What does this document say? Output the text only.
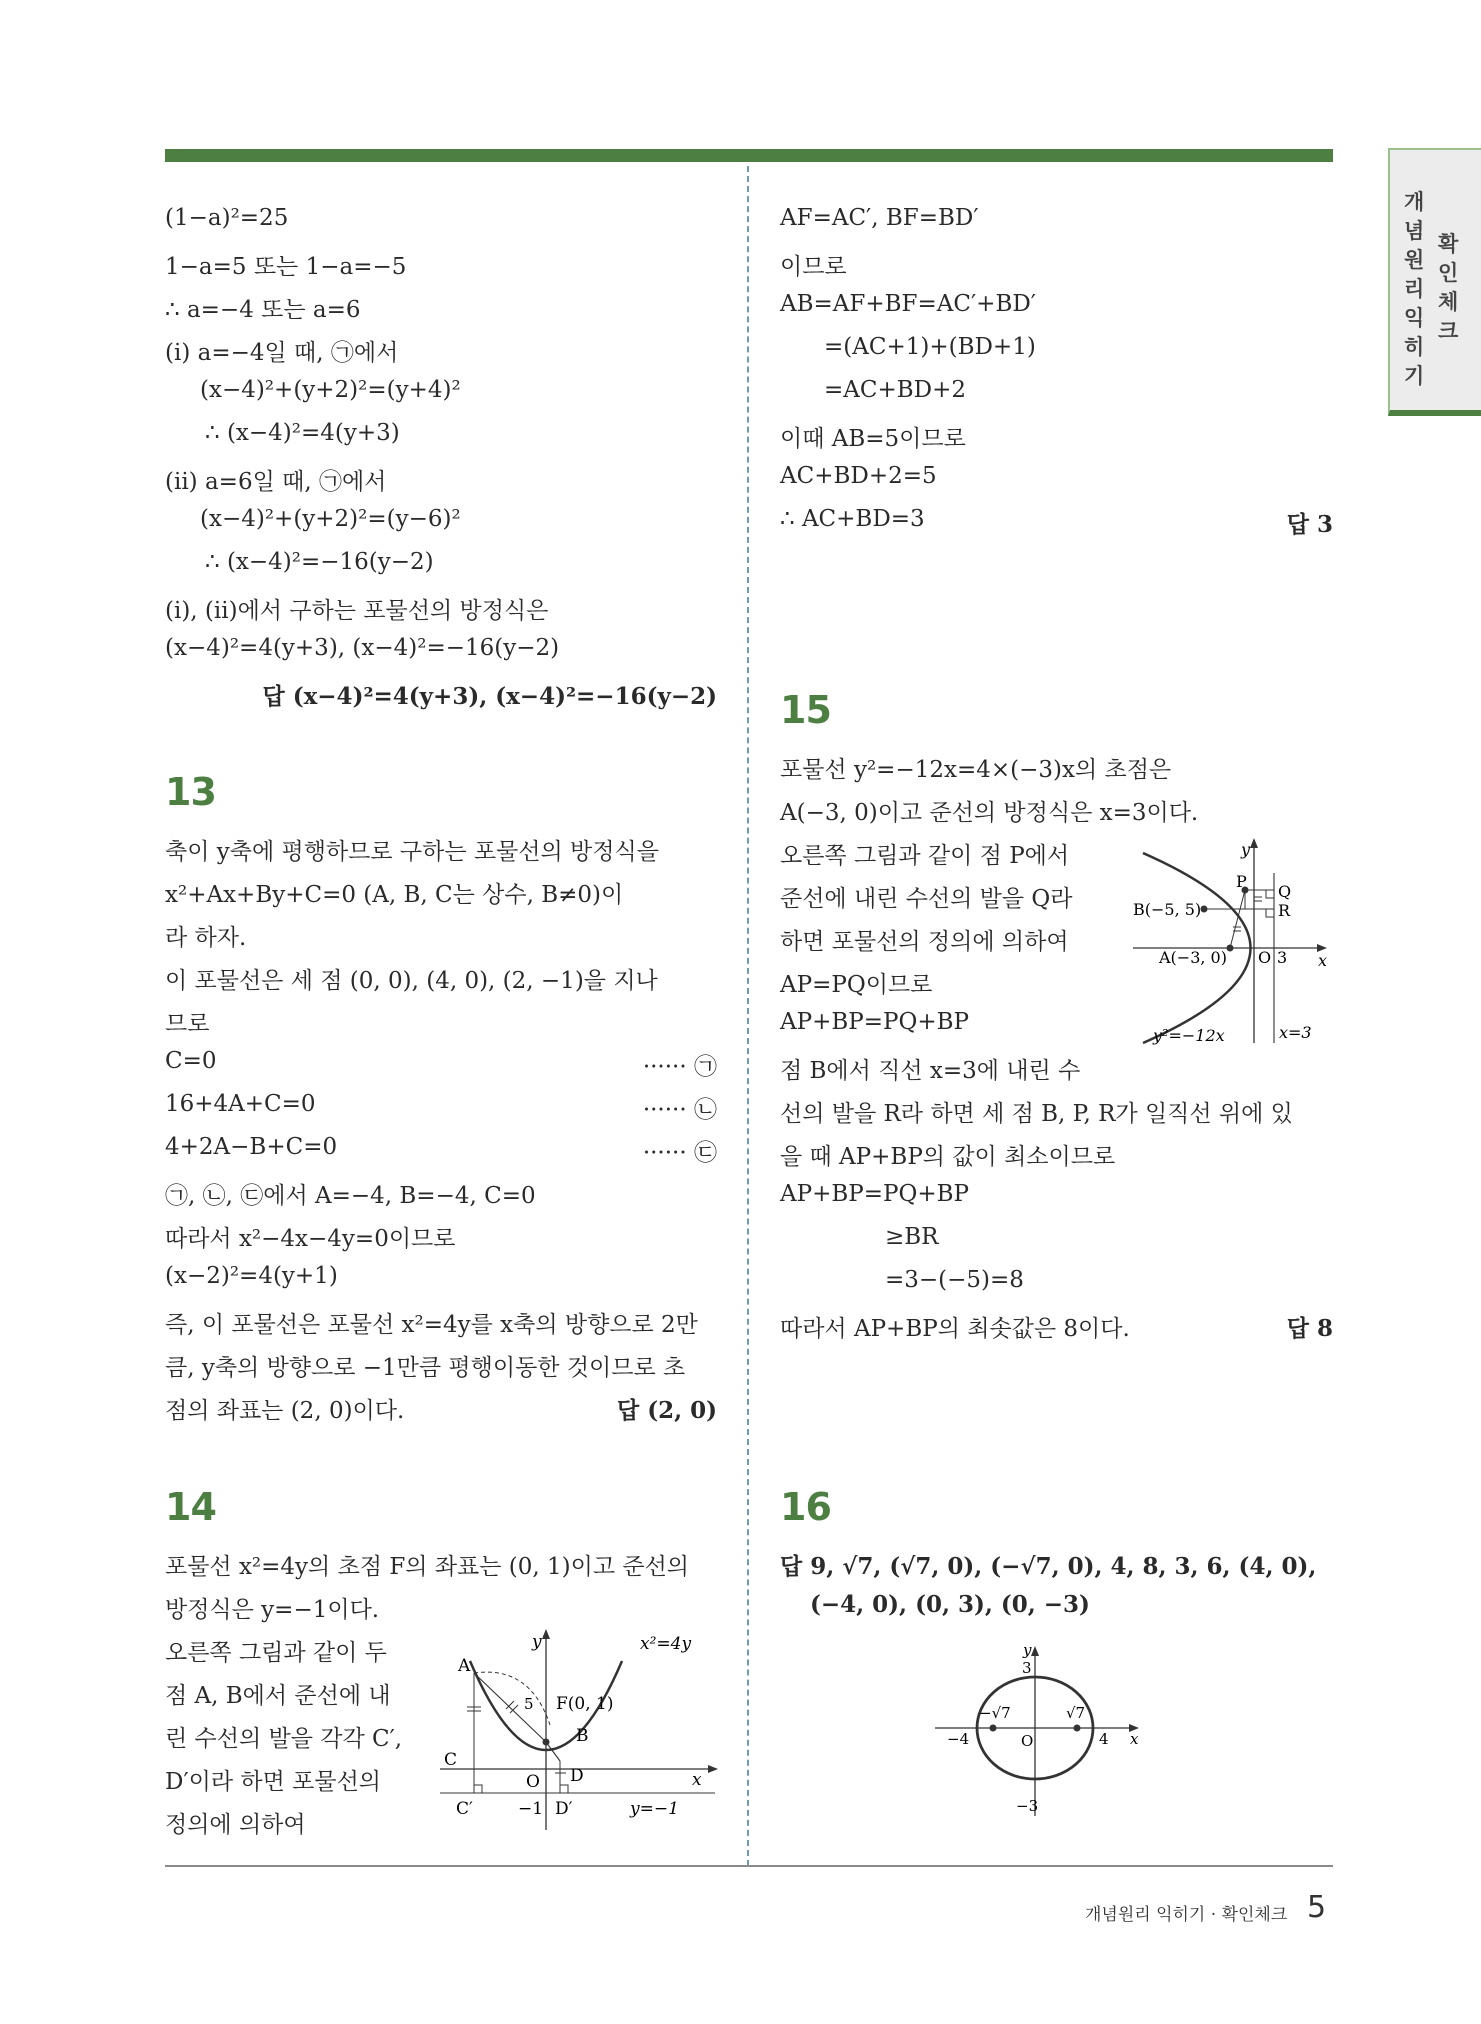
개
념
원
리
익
히
기
확
인
체
크
(1−a)²=25
1−a=5 또는 1−a=−5
∴ a=−4 또는 a=6
(i) a=−4일 때, ㉠에서
(x−4)²+(y+2)²=(y+4)²
∴ (x−4)²=4(y+3)
(ii) a=6일 때, ㉠에서
(x−4)²+(y+2)²=(y−6)²
∴ (x−4)²=−16(y−2)
(i), (ii)에서 구하는 포물선의 방정식은
(x−4)²=4(y+3), (x−4)²=−16(y−2)
답 (x−4)²=4(y+3), (x−4)²=−16(y−2)
13
축이 y축에 평행하므로 구하는 포물선의 방정식을
x²+Ax+By+C=0 (A, B, C는 상수, B≠0)이
라 하자.
이 포물선은 세 점 (0, 0), (4, 0), (2, −1)을 지나
므로
C=0	······ ㉠
16+4A+C=0	······ ㉡
4+2A−B+C=0	······ ㉢
㉠, ㉡, ㉢에서 A=−4, B=−4, C=0
따라서 x²−4x−4y=0이므로
(x−2)²=4(y+1)
즉, 이 포물선은 포물선 x²=4y를 x축의 방향으로 2만
큼, y축의 방향으로 −1만큼 평행이동한 것이므로 초
점의 좌표는 (2, 0)이다.	답 (2, 0)
14
포물선 x²=4y의 초점 F의 좌표는 (0, 1)이고 준선의
방정식은 y=−1이다.
오른쪽 그림과 같이 두
점 A, B에서 준선에 내
린 수선의 발을 각각 C′,
D′이라 하면 포물선의
정의에 의하여
y
x
x²=4y
A
B
C
D
F(0, 1)
5
O
C′	−1 D′	y=−1
AF=AC′, BF=BD′
이므로
AB=AF+BF=AC′+BD′
=(AC+1)+(BD+1)
=AC+BD+2
이때 AB=5이므로
AC+BD+2=5
∴ AC+BD=3	답 3
15
포물선 y²=−12x=4×(−3)x의 초점은
A(−3, 0)이고 준선의 방정식은 x=3이다.
오른쪽 그림과 같이 점 P에서
준선에 내린 수선의 발을 Q라
하면 포물선의 정의에 의하여
AP=PQ이므로
AP+BP=PQ+BP
점 B에서 직선 x=3에 내린 수
선의 발을 R라 하면 세 점 B, P, R가 일직선 위에 있
을 때 AP+BP의 값이 최소이므로
AP+BP=PQ+BP
≥BR
=3−(−5)=8
따라서 AP+BP의 최솟값은 8이다.	답 8
y
x
B(−5, 5)
A(−3, 0)
P
Q
R
O 3
y²=−12x	x=3
16
답 9, √7, (√7, 0), (−√7, 0), 4, 8, 3, 6, (4, 0),
(−4, 0), (0, 3), (0, −3)
y
x
3
−3
−4	4
O
−√7	√7
개념원리 익히기 · 확인체크 5
